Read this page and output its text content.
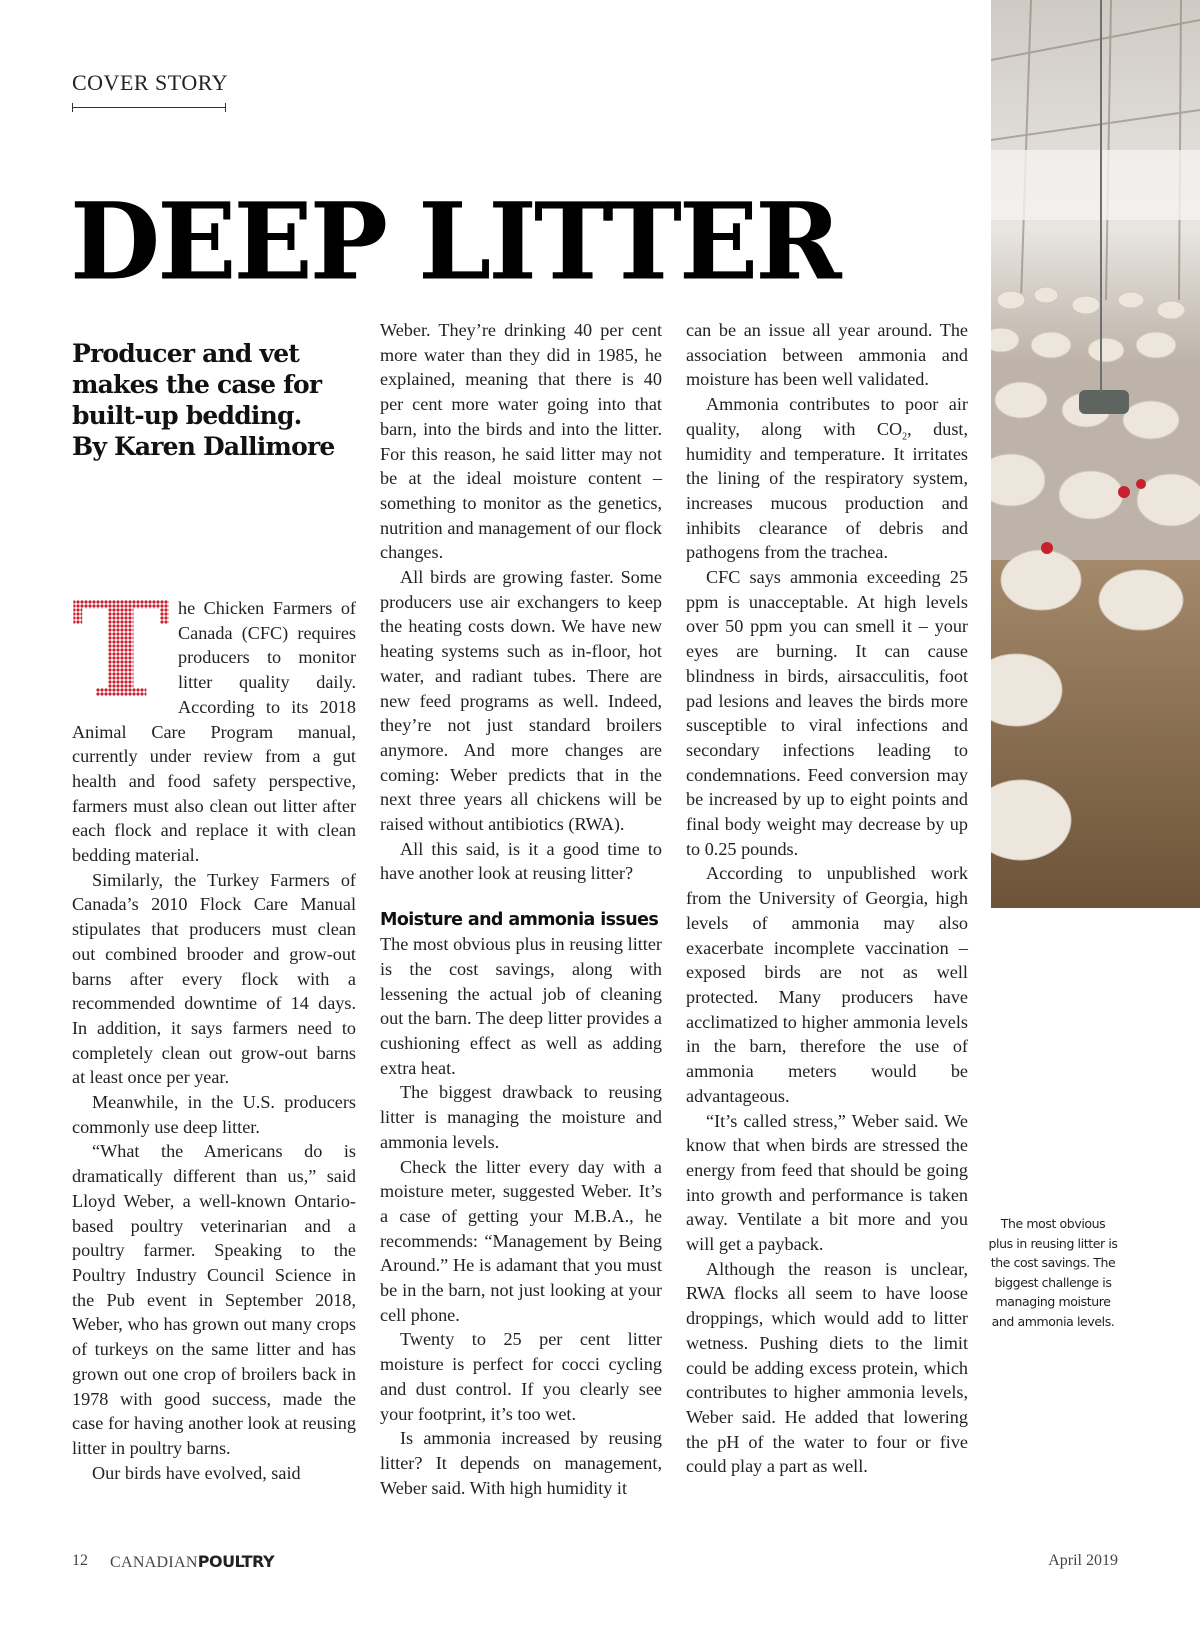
COVER STORY
DEEP LITTER
Producer and vet makes the case for built-up bedding.
By Karen Dallimore
T he Chicken Farmers of Canada (CFC) requires producers to monitor litter quality daily. According to its 2018 Animal Care Program manual, currently under review from a gut health and food safety perspective, farmers must also clean out litter after each flock and replace it with clean bedding material.

Similarly, the Turkey Farmers of Canada’s 2010 Flock Care Manual stipulates that producers must clean out combined brooder and grow-out barns after every flock with a recommended downtime of 14 days. In addition, it says farmers need to completely clean out grow-out barns at least once per year.

Meanwhile, in the U.S. producers commonly use deep litter.

“What the Americans do is dramatically different than us,” said Lloyd Weber, a well-known Ontario-based poultry veterinarian and a poultry farmer. Speaking to the Poultry Industry Council Science in the Pub event in September 2018, Weber, who has grown out many crops of turkeys on the same litter and has grown out one crop of broilers back in 1978 with good success, made the case for having another look at reusing litter in poultry barns.

Our birds have evolved, said

Weber. They’re drinking 40 per cent more water than they did in 1985, he explained, meaning that there is 40 per cent more water going into that barn, into the birds and into the litter. For this reason, he said litter may not be at the ideal moisture content – something to monitor as the genetics, nutrition and management of our flock changes.

All birds are growing faster. Some producers use air exchangers to keep the heating costs down. We have new heating systems such as in-floor, hot water, and radiant tubes. There are new feed programs as well. Indeed, they’re not just standard broilers anymore. And more changes are coming: Weber predicts that in the next three years all chickens will be raised without antibiotics (RWA).

All this said, is it a good time to have another look at reusing litter?

Moisture and ammonia issues

The most obvious plus in reusing litter is the cost savings, along with lessening the actual job of cleaning out the barn. The deep litter provides a cushioning effect as well as adding extra heat.

The biggest drawback to reusing litter is managing the moisture and ammonia levels.

Check the litter every day with a moisture meter, suggested Weber. It’s a case of getting your M.B.A., he recommends: “Management by Being Around.” He is adamant that you must be in the barn, not just looking at your cell phone.

Twenty to 25 per cent litter moisture is perfect for cocci cycling and dust control. If you clearly see your footprint, it’s too wet.

Is ammonia increased by reusing litter? It depends on management, Weber said. With high humidity it

can be an issue all year around. The association between ammonia and moisture has been well validated.

Ammonia contributes to poor air quality, along with $CO_2$, dust, humidity and temperature. It irritates the lining of the respiratory system, increases mucous production and inhibits clearance of debris and pathogens from the trachea.

CFC says ammonia exceeding 25 ppm is unacceptable. At high levels over 50 ppm you can smell it – your eyes are burning. It can cause blindness in birds, airsacculitis, foot pad lesions and leaves the birds more susceptible to viral infections and secondary infections leading to condemnations. Feed conversion may be increased by up to eight points and final body weight may decrease by up to 0.25 pounds.

According to unpublished work from the University of Georgia, high levels of ammonia may also exacerbate incomplete vaccination – exposed birds are not as well protected. Many producers have acclimatized to higher ammonia levels in the barn, therefore the use of ammonia meters would be advantageous.

“It’s called stress,” Weber said. We know that when birds are stressed the energy from feed that should be going into growth and performance is taken away. Ventilate a bit more and you will get a payback.

Although the reason is unclear, RWA flocks all seem to have loose droppings, which would add to litter wetness. Pushing diets to the limit could be adding excess protein, which contributes to higher ammonia levels, Weber said. He added that lowering the pH of the water to four or five could play a part as well.

The most obvious plus in reusing litter is the cost savings. The biggest challenge is managing moisture and ammonia levels.
12 CANADIANPOULTRY	April 2019
